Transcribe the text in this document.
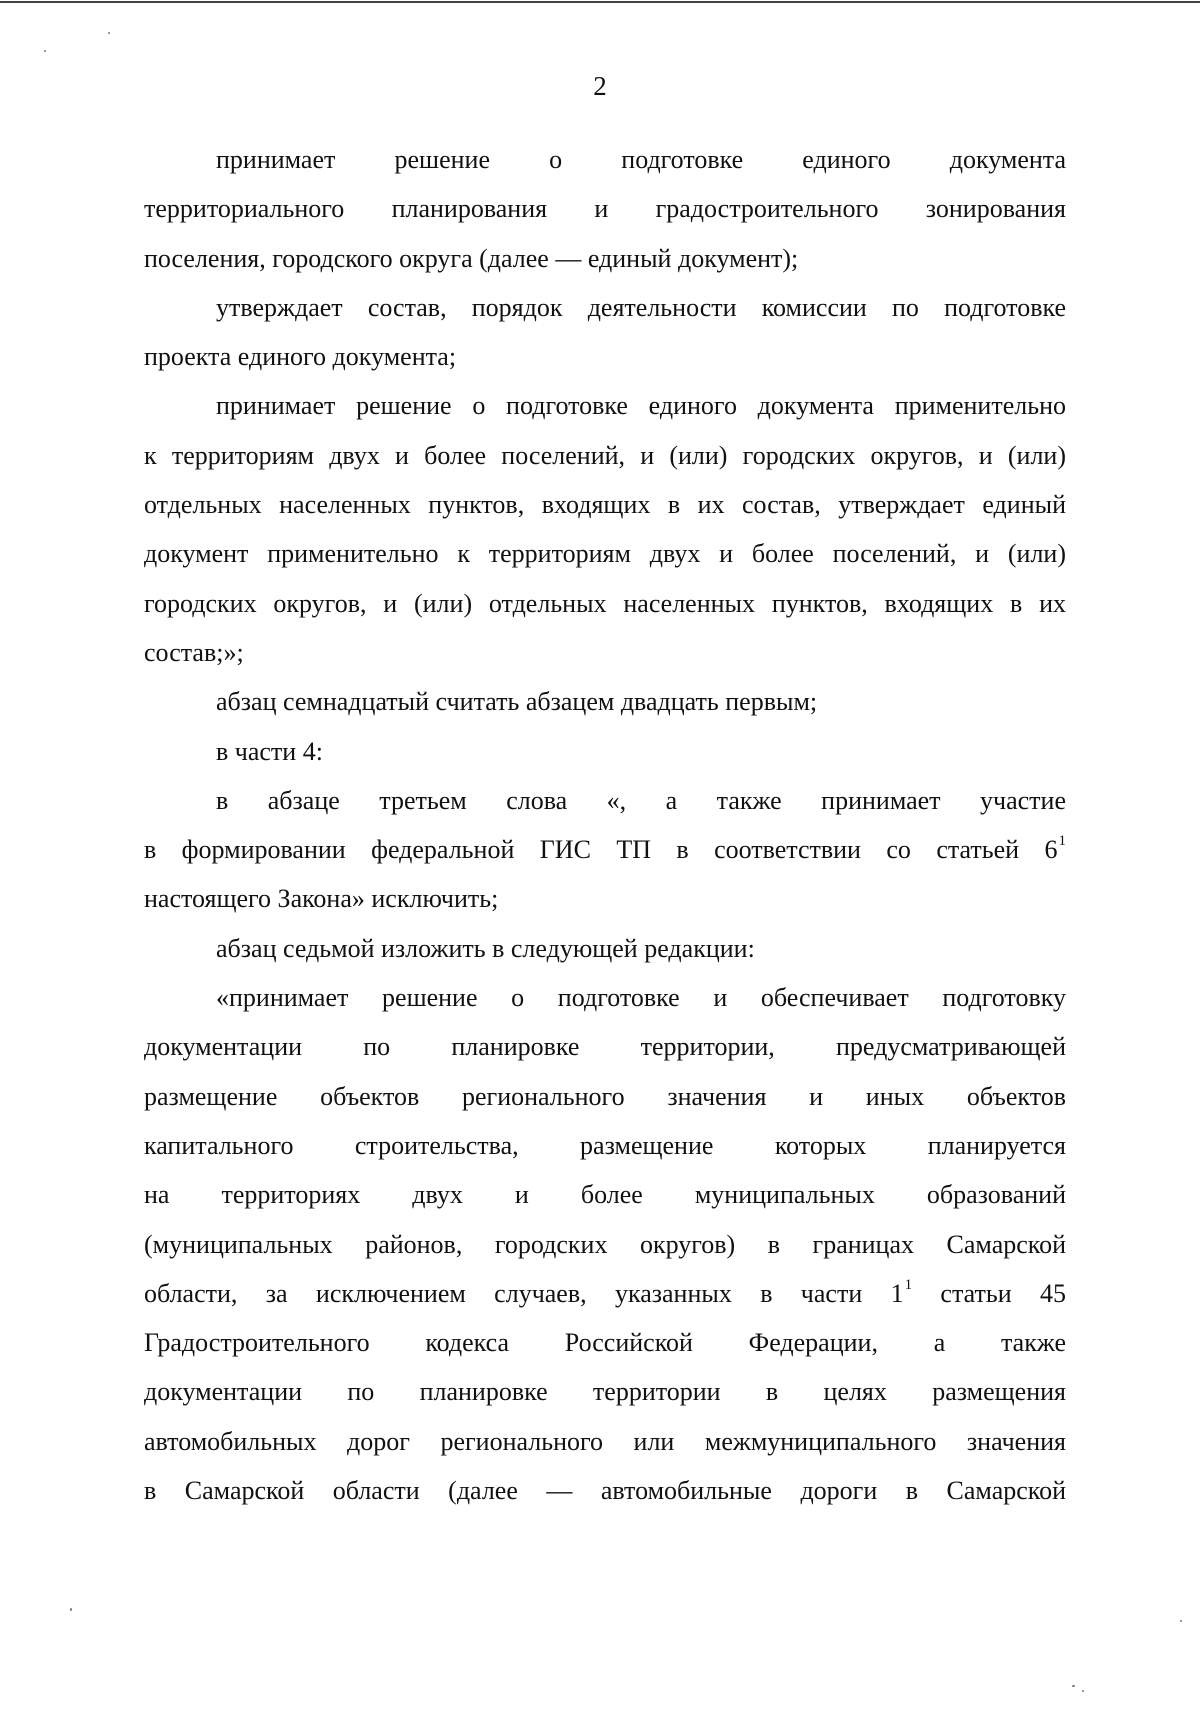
2

принимает решение о подготовке единого документа
территориального планирования и градостроительного зонирования
поселения, городского округа (далее — единый документ);

утверждает состав, порядок деятельности комиссии по подготовке
проекта единого документа;

принимает решение о подготовке единого документа применительно
к территориям двух и более поселений, и (или) городских округов, и (или)
отдельных населенных пунктов, входящих в их состав, утверждает единый
документ применительно к территориям двух и более поселений, и (или)
городских округов, и (или) отдельных населенных пунктов, входящих в их
состав;»;

абзац семнадцатый считать абзацем двадцать первым;

в части 4:

в абзаце третьем слова «, а также принимает участие
в формировании федеральной ГИС ТП в соответствии со статьей 6$^1$
настоящего Закона» исключить;

абзац седьмой изложить в следующей редакции:

«принимает решение о подготовке и обеспечивает подготовку
документации по планировке территории, предусматривающей
размещение объектов регионального значения и иных объектов
капитального строительства, размещение которых планируется
на территориях двух и более муниципальных образований
(муниципальных районов, городских округов) в границах Самарской
области, за исключением случаев, указанных в части 1$^1$ статьи 45
Градостроительного кодекса Российской Федерации, а также
документации по планировке территории в целях размещения
автомобильных дорог регионального или межмуниципального значения
в Самарской области (далее — автомобильные дороги в Самарской
